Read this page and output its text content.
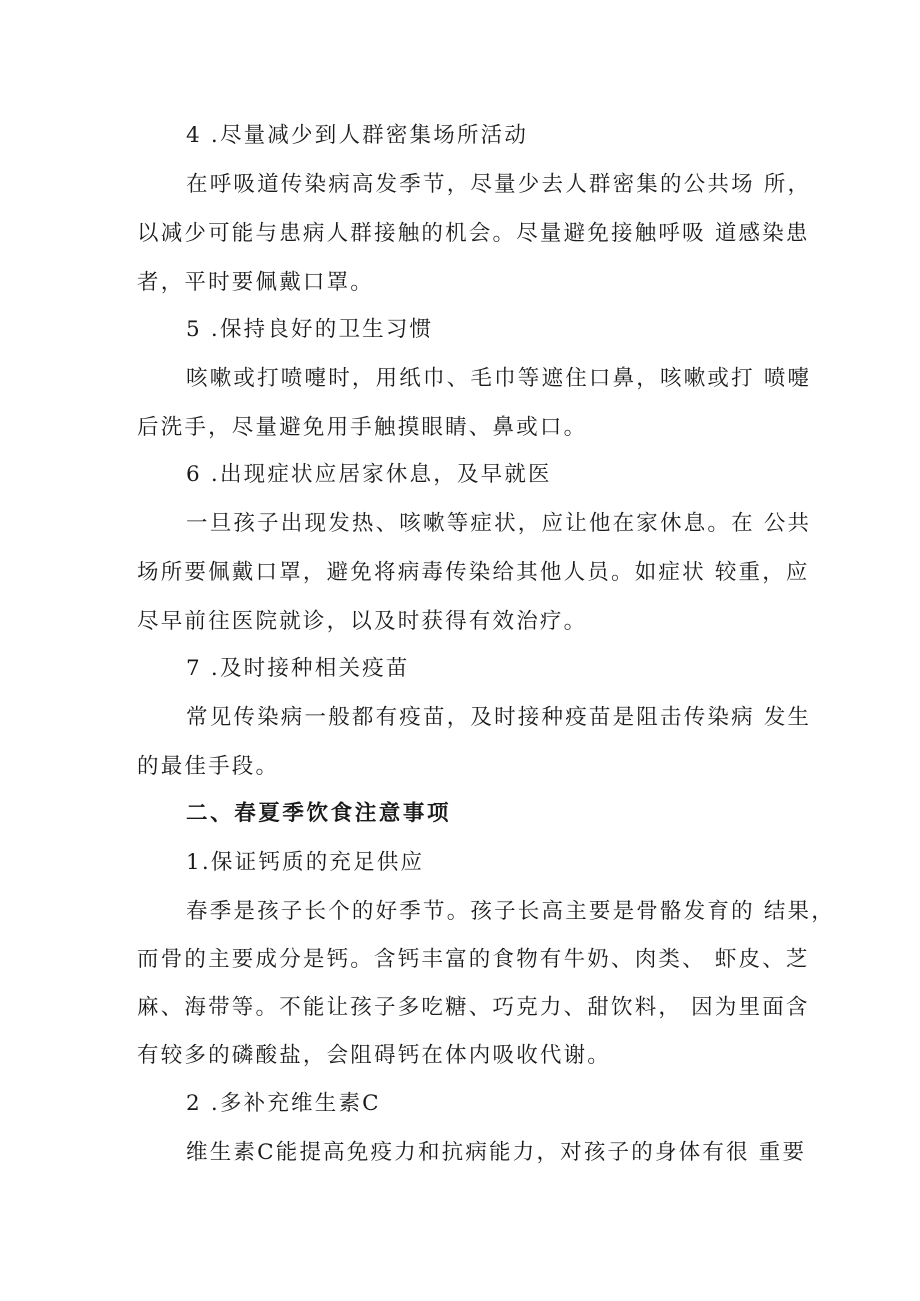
4 .尽量减少到人群密集场所活动
在呼吸道传染病高发季节，尽量少去人群密集的公共场 所，
以减少可能与患病人群接触的机会。尽量避免接触呼吸 道感染患
者，平时要佩戴口罩。
5 .保持良好的卫生习惯
咳嗽或打喷嚏时，用纸巾、毛巾等遮住口鼻，咳嗽或打 喷嚏
后洗手，尽量避免用手触摸眼睛、鼻或口。
6 .出现症状应居家休息，及早就医
一旦孩子出现发热、咳嗽等症状，应让他在家休息。在 公共
场所要佩戴口罩，避免将病毒传染给其他人员。如症状 较重，应
尽早前往医院就诊，以及时获得有效治疗。
7 .及时接种相关疫苗
常见传染病一般都有疫苗，及时接种疫苗是阻击传染病 发生
的最佳手段。
二、春夏季饮食注意事项
1.保证钙质的充足供应
春季是孩子长个的好季节。孩子长高主要是骨骼发育的 结果，
而骨的主要成分是钙。含钙丰富的食物有牛奶、肉类、 虾皮、芝
麻、海带等。不能让孩子多吃糖、巧克力、甜饮料， 因为里面含
有较多的磷酸盐，会阻碍钙在体内吸收代谢。
2 .多补充维生素C
维生素C能提高免疫力和抗病能力，对孩子的身体有很 重要
